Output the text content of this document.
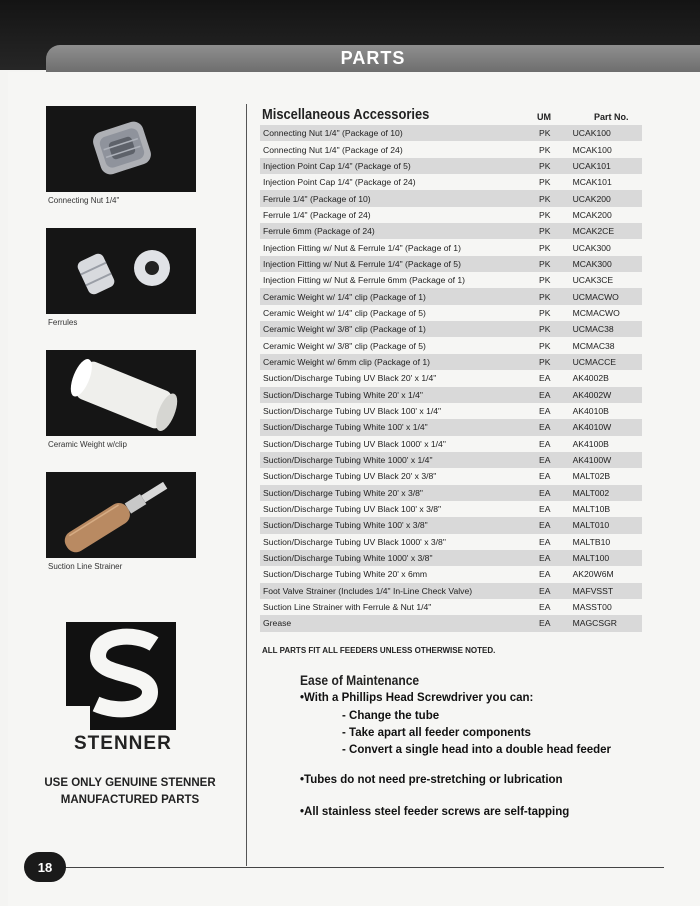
PARTS
Connecting Nut 1/4"
Ferrules
Ceramic Weight w/clip
Suction Line Strainer
STENNER
USE ONLY GENUINE STENNER
MANUFACTURED PARTS
Miscellaneous Accessories	UM	Part No.
Connecting Nut 1/4" (Package of 10)	PK	UCAK100
Connecting Nut 1/4" (Package of 24)	PK	MCAK100
Injection Point Cap 1/4" (Package of 5)	PK	UCAK101
Injection Point Cap 1/4" (Package of 24)	PK	MCAK101
Ferrule 1/4" (Package of 10)	PK	UCAK200
Ferrule 1/4" (Package of 24)	PK	MCAK200
Ferrule 6mm (Package of 24)	PK	MCAK2CE
Injection Fitting w/ Nut & Ferrule 1/4" (Package of 1)	PK	UCAK300
Injection Fitting w/ Nut & Ferrule 1/4" (Package of 5)	PK	MCAK300
Injection Fitting w/ Nut & Ferrule 6mm (Package of 1)	PK	UCAK3CE
Ceramic Weight w/ 1/4" clip (Package of 1)	PK	UCMACWO
Ceramic Weight w/ 1/4" clip (Package of 5)	PK	MCMACWO
Ceramic Weight w/ 3/8" clip (Package of 1)	PK	UCMAC38
Ceramic Weight w/ 3/8" clip (Package of 5)	PK	MCMAC38
Ceramic Weight w/ 6mm clip (Package of 1)	PK	UCMACCE
Suction/Discharge Tubing UV Black 20' x 1/4"	EA	AK4002B
Suction/Discharge Tubing White 20' x 1/4"	EA	AK4002W
Suction/Discharge Tubing UV Black 100' x 1/4"	EA	AK4010B
Suction/Discharge Tubing White 100' x 1/4"	EA	AK4010W
Suction/Discharge Tubing UV Black 1000' x 1/4"	EA	AK4100B
Suction/Discharge Tubing White 1000' x 1/4"	EA	AK4100W
Suction/Discharge Tubing UV Black 20' x 3/8"	EA	MALT02B
Suction/Discharge Tubing White 20' x 3/8"	EA	MALT002
Suction/Discharge Tubing UV Black 100' x 3/8"	EA	MALT10B
Suction/Discharge Tubing White 100' x 3/8"	EA	MALT010
Suction/Discharge Tubing UV Black 1000' x 3/8"	EA	MALTB10
Suction/Discharge Tubing White 1000' x 3/8"	EA	MALT100
Suction/Discharge Tubing White 20' x 6mm	EA	AK20W6M
Foot Valve Strainer (Includes 1/4" In-Line Check Valve)	EA	MAFVSST
Suction Line Strainer with Ferrule & Nut 1/4"	EA	MASST00
Grease	EA	MAGCSGR
ALL PARTS FIT ALL FEEDERS UNLESS OTHERWISE NOTED.
Ease of Maintenance
•With a Phillips Head Screwdriver you can:
- Change the tube
- Take apart all feeder components
- Convert a single head into a double head feeder
•Tubes do not need pre-stretching or lubrication
•All stainless steel feeder screws are self-tapping
18
